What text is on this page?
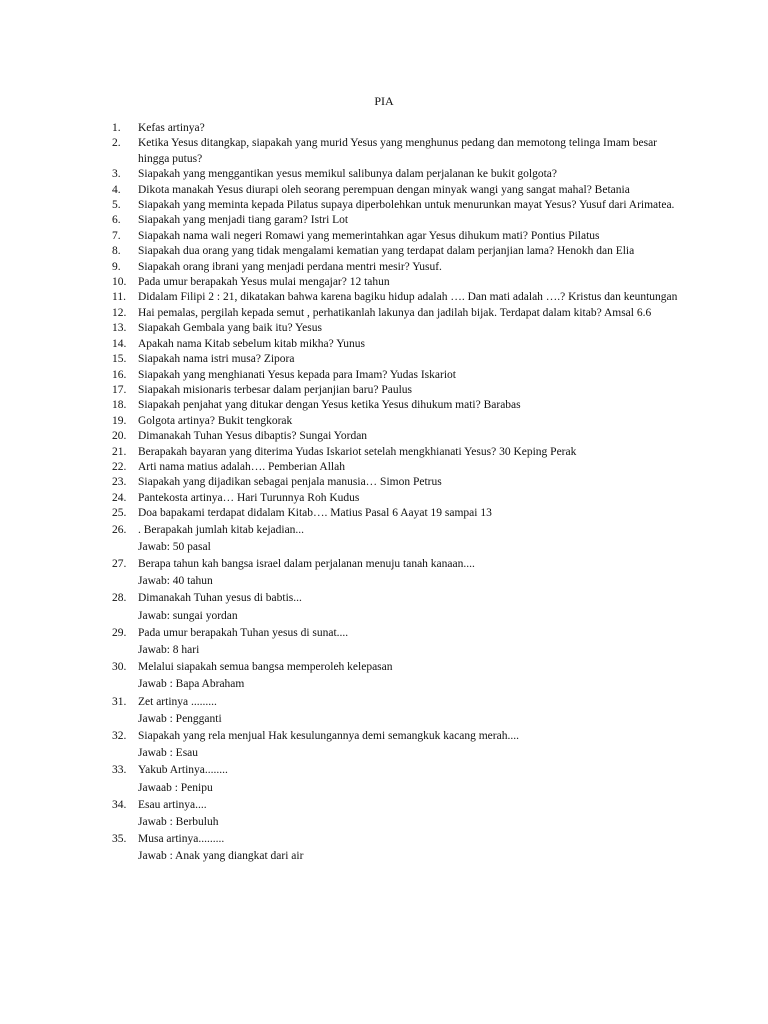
PIA
1.	Kefas artinya?
2.	Ketika Yesus ditangkap, siapakah yang murid Yesus yang menghunus pedang dan memotong telinga Imam besar hingga putus?
3.	Siapakah yang menggantikan yesus memikul salibunya dalam perjalanan ke bukit golgota?
4.	Dikota manakah Yesus diurapi oleh seorang perempuan dengan minyak wangi yang sangat mahal? Betania
5.	Siapakah yang meminta kepada Pilatus supaya diperbolehkan untuk menurunkan mayat Yesus? Yusuf dari Arimatea.
6.	Siapakah yang menjadi tiang garam? Istri Lot
7.	Siapakah nama wali negeri Romawi yang memerintahkan agar Yesus dihukum mati? Pontius Pilatus
8.	Siapakah dua orang yang tidak mengalami kematian yang terdapat dalam perjanjian lama? Henokh dan Elia
9.	Siapakah orang ibrani yang menjadi perdana mentri mesir? Yusuf.
10.	Pada umur berapakah Yesus mulai mengajar? 12 tahun
11.	Didalam Filipi 2 : 21, dikatakan bahwa karena bagiku hidup adalah …. Dan mati adalah ….? Kristus dan keuntungan
12.	Hai pemalas, pergilah kepada semut , perhatikanlah lakunya dan jadilah bijak. Terdapat dalam kitab? Amsal 6.6
13.	Siapakah Gembala yang baik itu? Yesus
14.	Apakah nama Kitab sebelum kitab mikha? Yunus
15.	Siapakah nama istri musa? Zipora
16.	Siapakah yang menghianati Yesus kepada para Imam? Yudas Iskariot
17.	Siapakah misionaris terbesar dalam perjanjian baru? Paulus
18.	Siapakah penjahat yang ditukar dengan Yesus ketika Yesus dihukum mati? Barabas
19.	Golgota artinya? Bukit tengkorak
20.	Dimanakah Tuhan Yesus dibaptis? Sungai Yordan
21.	Berapakah bayaran yang diterima Yudas Iskariot setelah mengkhianati Yesus? 30 Keping Perak
22.	Arti nama matius adalah…. Pemberian Allah
23.	Siapakah yang dijadikan sebagai penjala manusia… Simon Petrus
24.	Pantekosta artinya… Hari Turunnya Roh Kudus
25.	Doa bapakami terdapat didalam Kitab…. Matius Pasal 6 Aayat 19 sampai 13
26.	. Berapakah jumlah kitab kejadian...
Jawab: 50 pasal
27.	Berapa tahun kah bangsa israel dalam perjalanan menuju tanah kanaan....
Jawab: 40 tahun
28.	Dimanakah Tuhan yesus di babtis...
Jawab: sungai yordan
29.	Pada umur berapakah Tuhan yesus di sunat....
Jawab: 8 hari
30.	Melalui siapakah semua bangsa memperoleh kelepasan
Jawab : Bapa Abraham
31.	Zet artinya .........
Jawab : Pengganti
32.	Siapakah yang rela menjual Hak kesulungannya demi semangkuk kacang merah....
Jawab : Esau
33.	Yakub Artinya........
Jawaab : Penipu
34.	Esau artinya....
Jawab : Berbuluh
35.	Musa artinya.........
Jawab : Anak yang diangkat dari air
